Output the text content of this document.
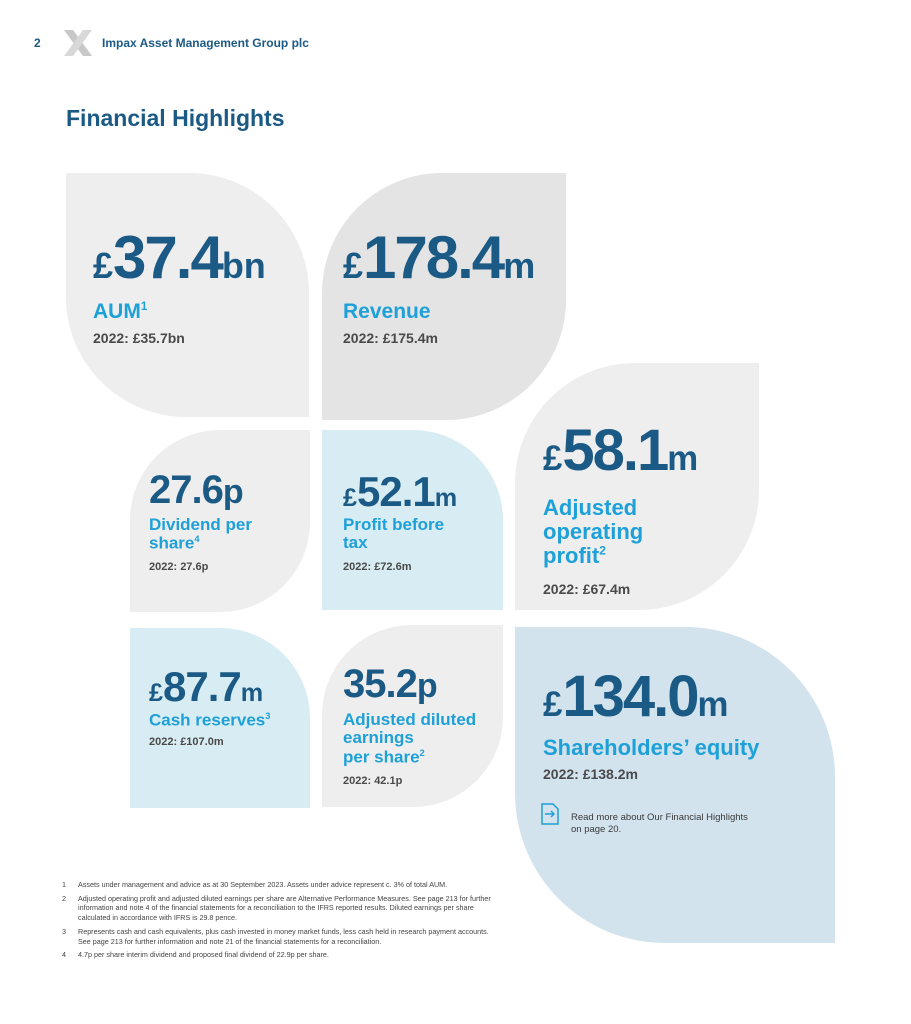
2	Impax Asset Management Group plc
Financial Highlights
£37.4bn
AUM$^1$
2022: £35.7bn
£178.4m
Revenue
2022: £175.4m
27.6p
Dividend per
share$^4$
2022: 27.6p
£52.1m
Profit before
tax
2022: £72.6m
£58.1m
Adjusted
operating
profit$^2$
2022: £67.4m
£87.7m
Cash reserves$^3$
2022: £107.0m
35.2p
Adjusted diluted
earnings
per share$^2$
2022: 42.1p
£134.0m
Shareholders’ equity
2022: £138.2m
Read more about Our Financial Highlights
on page 20.
1 Assets under management and advice as at 30 September 2023. Assets under advice represent c. 3% of total AUM.
2 Adjusted operating profit and adjusted diluted earnings per share are Alternative Performance Measures. See page 213 for further information and note 4 of the financial statements for a reconciliation to the IFRS reported results. Diluted earnings per share calculated in accordance with IFRS is 29.8 pence.
3 Represents cash and cash equivalents, plus cash invested in money market funds, less cash held in research payment accounts. See page 213 for further information and note 21 of the financial statements for a reconciliation.
4 4.7p per share interim dividend and proposed final dividend of 22.9p per share.
